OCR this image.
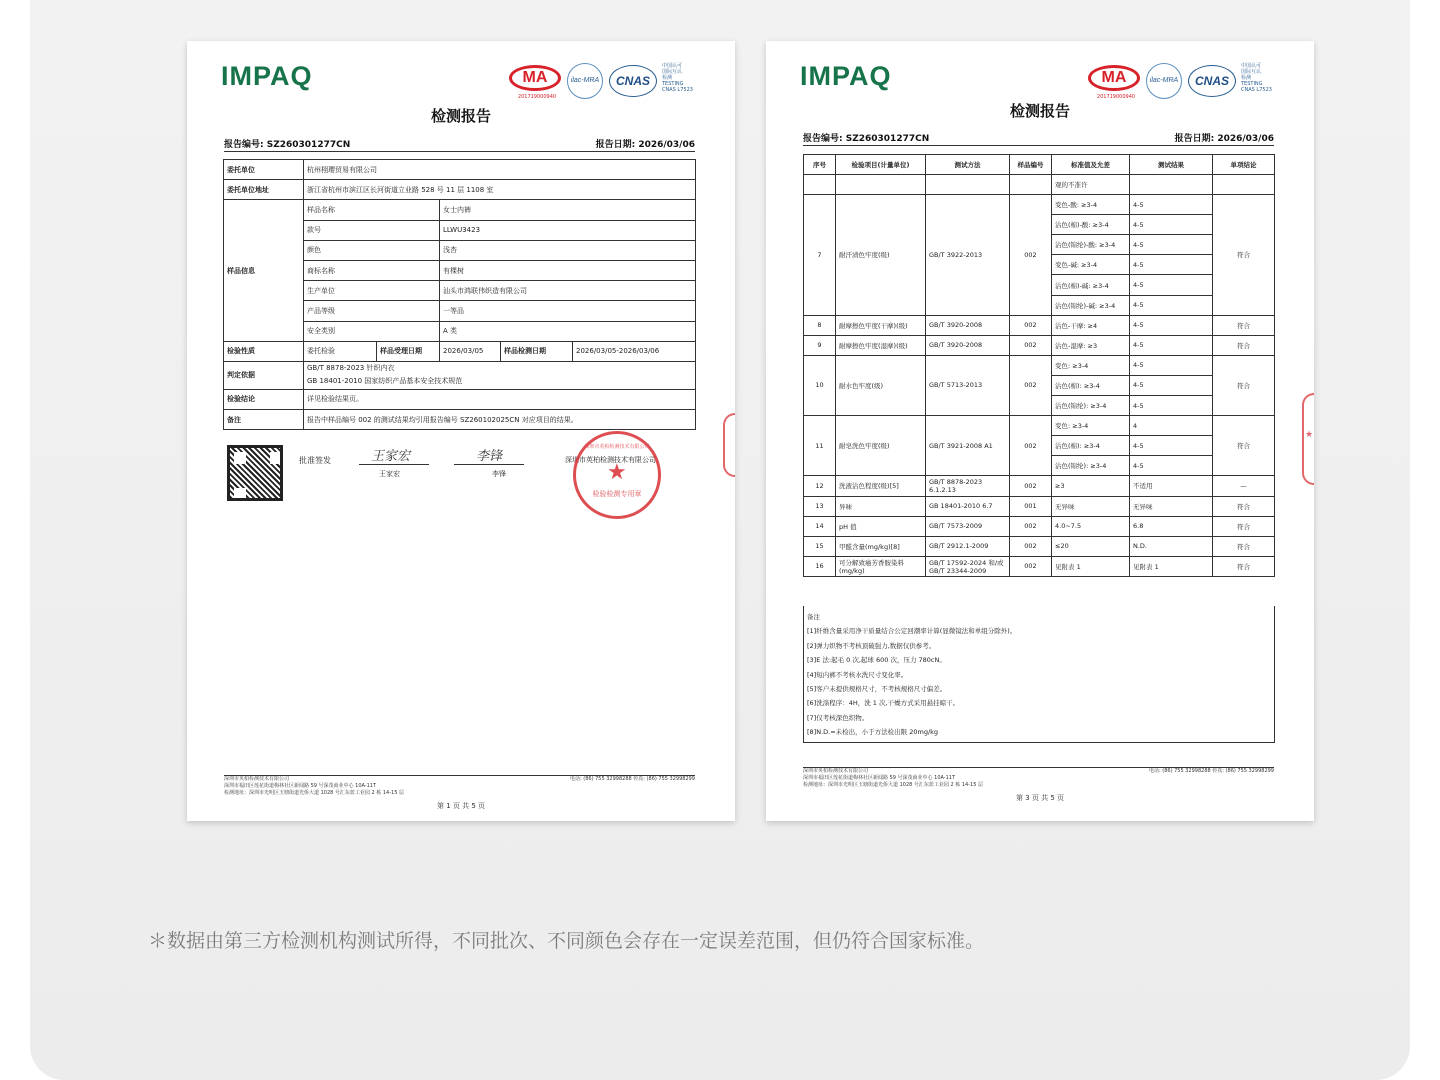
IMPAQ	MA
201719000940
ilac-MRA	CNAS
中国认可
国际互认
检测
TESTING
CNAS L7523
检测报告
报告编号: SZ260301277CN	报告日期: 2026/03/06
委托单位	杭州栩璎贸易有限公司				
委托单位地址	浙江省杭州市滨江区长河街道立业路 528 号 11 层 1108 室				
样品信息	样品名称		女士内裤		
	款号		LLWU3423		
	颜色		浅杏		
	商标名称		有棵树		
	生产单位		汕头市鸿联伟织造有限公司		
	产品等级		一等品		
	安全类别		A 类		
检验性质	委托检验	样品受理日期	2026/03/05	样品检测日期	2026/03/05-2026/03/06
判定依据	GB/T 8878-2023 针织内衣
GB 18401-2010 国家纺织产品基本安全技术规范				

检验结论	详见检验结果页。				
备注	报告中样品编号 002 的测试结果均引用报告编号 SZ260102025CN 对应项目的结果。				
批准签发	王家宏
王家宏
李锋
李锋
深圳市英柏检测技术有限公司
深圳市英柏检测技术有限公司
★
检验检测专用章
深圳市英柏检测技术有限公司
深圳市福田区莲花街道梅林社区新闻路 59 号深茂商业中心 10A-11T
检测地址：深圳市光明区玉塘街道光侨大道 1028 号汇东蓝工业园 2 栋 14-15 层
电话: (86) 755 32998288 传真: (86) 755 32998299
第 1 页 共 5 页
IMPAQ	MA
201719000940
ilac-MRA	CNAS
中国认可
国际互认
检测
TESTING
CNAS L7523
检测报告
报告编号: SZ260301277CN	报告日期: 2026/03/06
序号	检验项目(计量单位)	测试方法	样品编号	标准值及允差	测试结果	单项结论
				观的不准许		
7	耐汗渍色牢度(级)	GB/T 3922-2013	002	变色-酸: ≥3-4	4-5	符合
				沾色(棉)-酸: ≥3-4	4-5	
				沾色(锦纶)-酸: ≥3-4	4-5	
				变色-碱: ≥3-4	4-5	
				沾色(棉)-碱: ≥3-4	4-5	
				沾色(锦纶)-碱: ≥3-4	4-5	
8	耐摩擦色牢度(干摩)(级)	GB/T 3920-2008	002	沾色-干摩: ≥4	4-5	符合
9	耐摩擦色牢度(湿摩)(级)	GB/T 3920-2008	002	沾色-湿摩: ≥3	4-5	符合
10	耐水色牢度(级)	GB/T 5713-2013	002	变色: ≥3-4	4-5	符合
				沾色(棉): ≥3-4	4-5	
				沾色(锦纶): ≥3-4	4-5	
11	耐皂洗色牢度(级)	GB/T 3921-2008 A1	002	变色: ≥3-4	4	符合
				沾色(棉): ≥3-4	4-5	
				沾色(锦纶): ≥3-4	4-5	
12	洗液沾色程度(级)[5]	GB/T 8878-2023 6.1.2.13	002	≥3	不适用	—
13	异味	GB 18401-2010 6.7	001	无异味	无异味	符合
14	pH 值	GB/T 7573-2009	002	4.0~7.5	6.8	符合
15	甲醛含量(mg/kg)[8]	GB/T 2912.1-2009	002	≤20	N.D.	符合
16	可分解致癌芳香胺染料(mg/kg)	GB/T 17592-2024 和/或 GB/T 23344-2009	002	见附表 1	见附表 1	符合
备注
[1]纤维含量采用净干质量结合公定回潮率计算(显微镜法和单组分除外)。
[2]弹力织物不考核顶破强力,数据仅供参考。
[3]E 法:起毛 0 次,起球 600 次，压力 780cN。
[4]短内裤不考核水洗尺寸变化率。
[5]客户未提供规格尺寸，不考核规格尺寸偏差。
[6]洗涤程序：4H，洗 1 次,干燥方式采用悬挂晾干。
[7]仅考核深色织物。
[8]N.D.=未检出，小于方法检出限 20mg/kg
★
深圳市英柏检测技术有限公司
深圳市福田区莲花街道梅林社区新闻路 59 号深茂商业中心 10A-11T
检测地址：深圳市光明区玉塘街道光侨大道 1028 号汇东蓝工业园 2 栋 14-15 层
电话: (86) 755 32998288 传真: (86) 755 32998299
第 3 页 共 5 页
＊数据由第三方检测机构测试所得，不同批次、不同颜色会存在一定误差范围，但仍符合国家标准。
